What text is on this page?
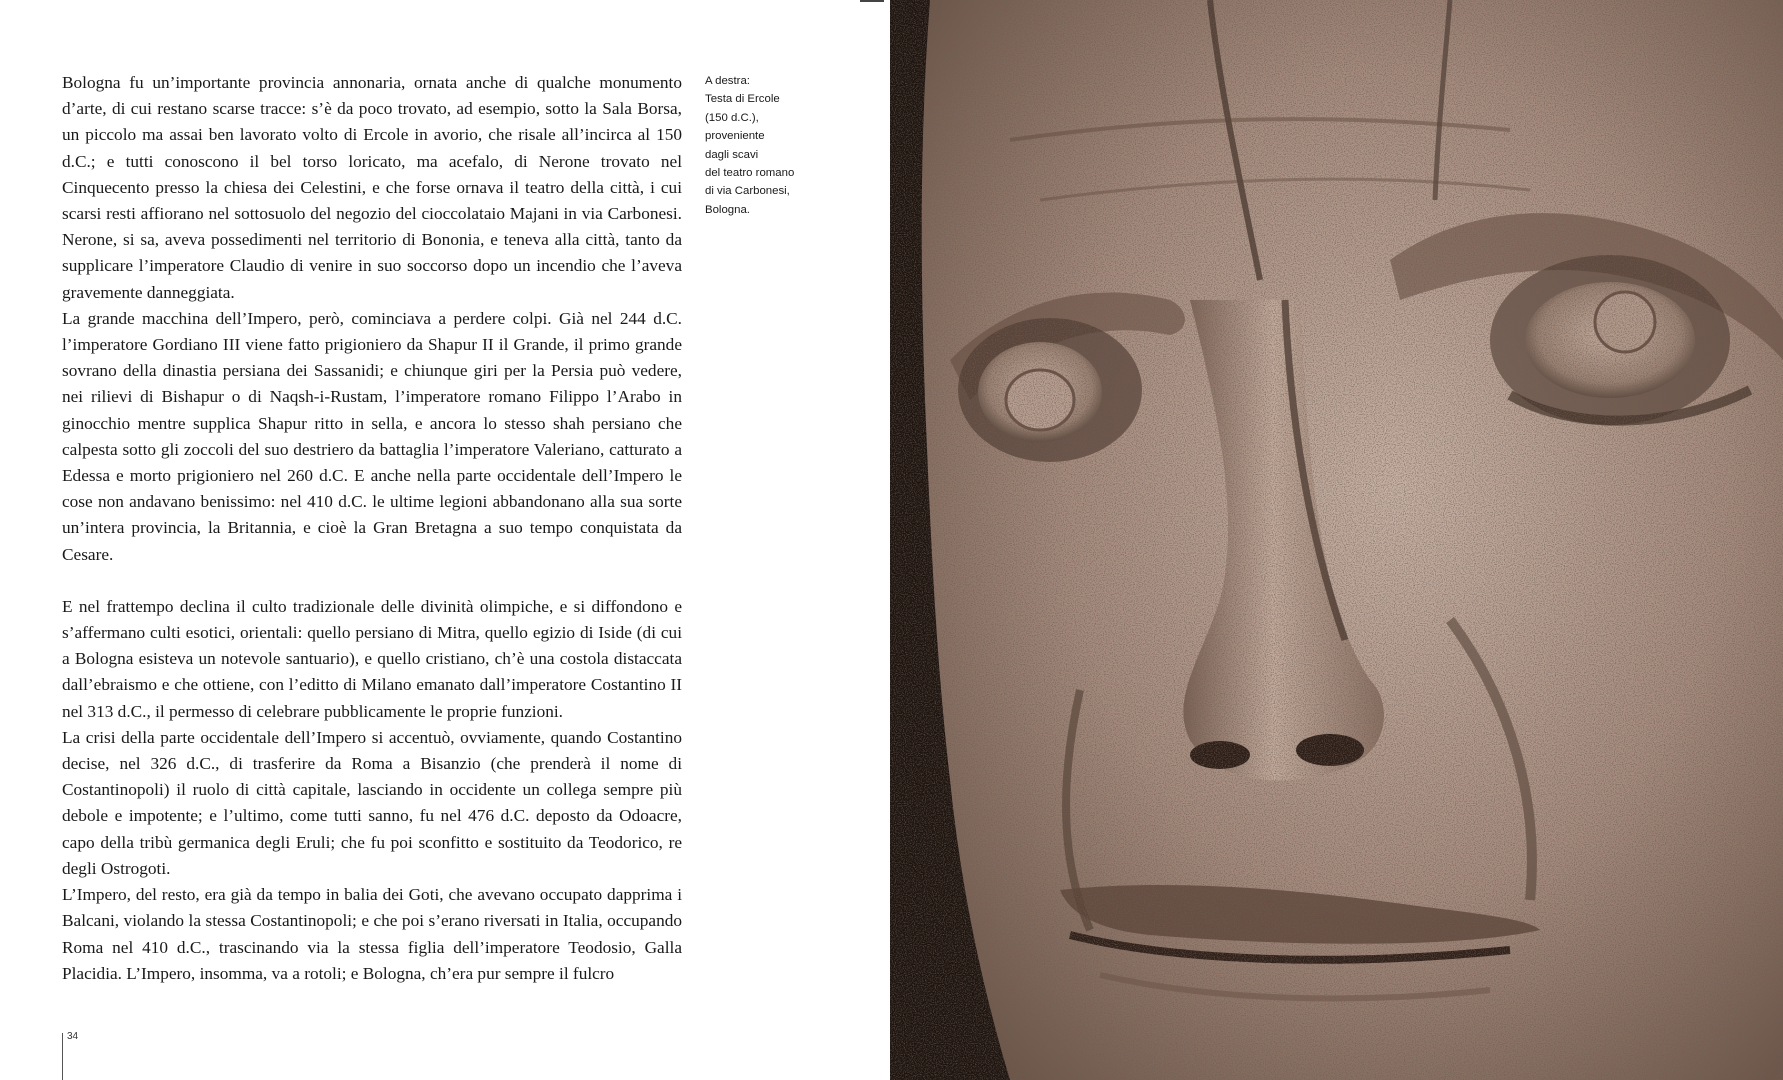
Bologna fu un’importante provincia annonaria, ornata anche di qualche monumento d’arte, di cui restano scarse tracce: s’è da poco trovato, ad esempio, sotto la Sala Borsa, un piccolo ma assai ben lavorato volto di Ercole in avorio, che risale all’incirca al 150 d.C.; e tutti conoscono il bel torso loricato, ma acefalo, di Nerone trovato nel Cinquecento presso la chiesa dei Celestini, e che forse ornava il teatro della città, i cui scarsi resti affiorano nel sottosuolo del negozio del cioccolataio Majani in via Carbonesi. Nerone, si sa, aveva possedimenti nel territorio di Bononia, e teneva alla città, tanto da supplicare l’imperatore Claudio di venire in suo soccorso dopo un incendio che l’aveva gravemente danneggiata.

La grande macchina dell’Impero, però, cominciava a perdere colpi. Già nel 244 d.C. l’imperatore Gordiano III viene fatto prigioniero da Shapur II il Grande, il primo grande sovrano della dinastia persiana dei Sassanidi; e chiunque giri per la Persia può vedere, nei rilievi di Bishapur o di Naqsh-i-Rustam, l’imperatore romano Filippo l’Arabo in ginocchio mentre supplica Shapur ritto in sella, e ancora lo stesso shah persiano che calpesta sotto gli zoccoli del suo destriero da battaglia l’imperatore Valeriano, catturato a Edessa e morto prigioniero nel 260 d.C. E anche nella parte occidentale dell’Impero le cose non andavano benissimo: nel 410 d.C. le ultime legioni abbandonano alla sua sorte un’intera provincia, la Britannia, e cioè la Gran Bretagna a suo tempo conquistata da Cesare.

E nel frattempo declina il culto tradizionale delle divinità olimpiche, e si diffondono e s’affermano culti esotici, orientali: quello persiano di Mitra, quello egizio di Iside (di cui a Bologna esisteva un notevole santuario), e quello cristiano, ch’è una costola distaccata dall’ebraismo e che ottiene, con l’editto di Milano emanato dall’imperatore Costantino II nel 313 d.C., il permesso di celebrare pubblicamente le proprie funzioni.

La crisi della parte occidentale dell’Impero si accentuò, ovviamente, quando Costantino decise, nel 326 d.C., di trasferire da Roma a Bisanzio (che prenderà il nome di Costantinopoli) il ruolo di città capitale, lasciando in occidente un collega sempre più debole e impotente; e l’ultimo, come tutti sanno, fu nel 476 d.C. deposto da Odoacre, capo della tribù germanica degli Eruli; che fu poi sconfitto e sostituito da Teodorico, re degli Ostrogoti.

L’Impero, del resto, era già da tempo in balia dei Goti, che avevano occupato dapprima i Balcani, violando la stessa Costantinopoli; e che poi s’erano riversati in Italia, occupando Roma nel 410 d.C., trascinando via la stessa figlia dell’imperatore Teodosio, Galla Placidia. L’Impero, insomma, va a rotoli; e Bologna, ch’era pur sempre il fulcro

A destra:
Testa di Ercole
(150 d.C.),
proveniente
dagli scavi
del teatro romano
di via Carbonesi,
Bologna.
34
